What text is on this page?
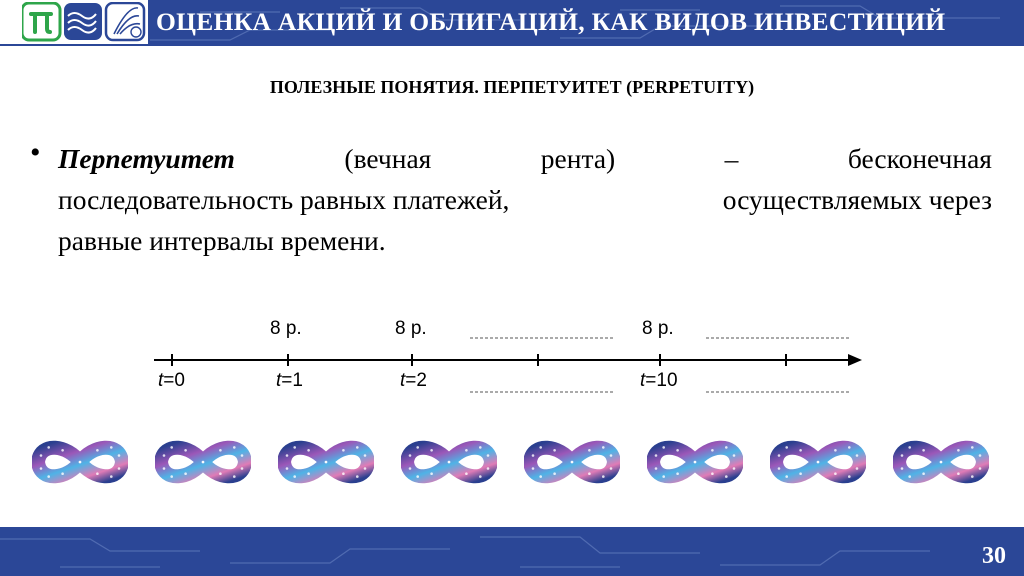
ОЦЕНКА АКЦИЙ И ОБЛИГАЦИЙ, КАК ВИДОВ ИНВЕСТИЦИЙ
ПОЛЕЗНЫЕ ПОНЯТИЯ. ПЕРПЕТУИТЕТ (PERPETUITY)
• Перпетуитет	(вечная	рента)	–	бесконечная
последовательность равных платежей,	осуществляемых через
равные интервалы времени.
8 р.	8 р.	8 р.
t=0	t=1	t=2	t=10
30
